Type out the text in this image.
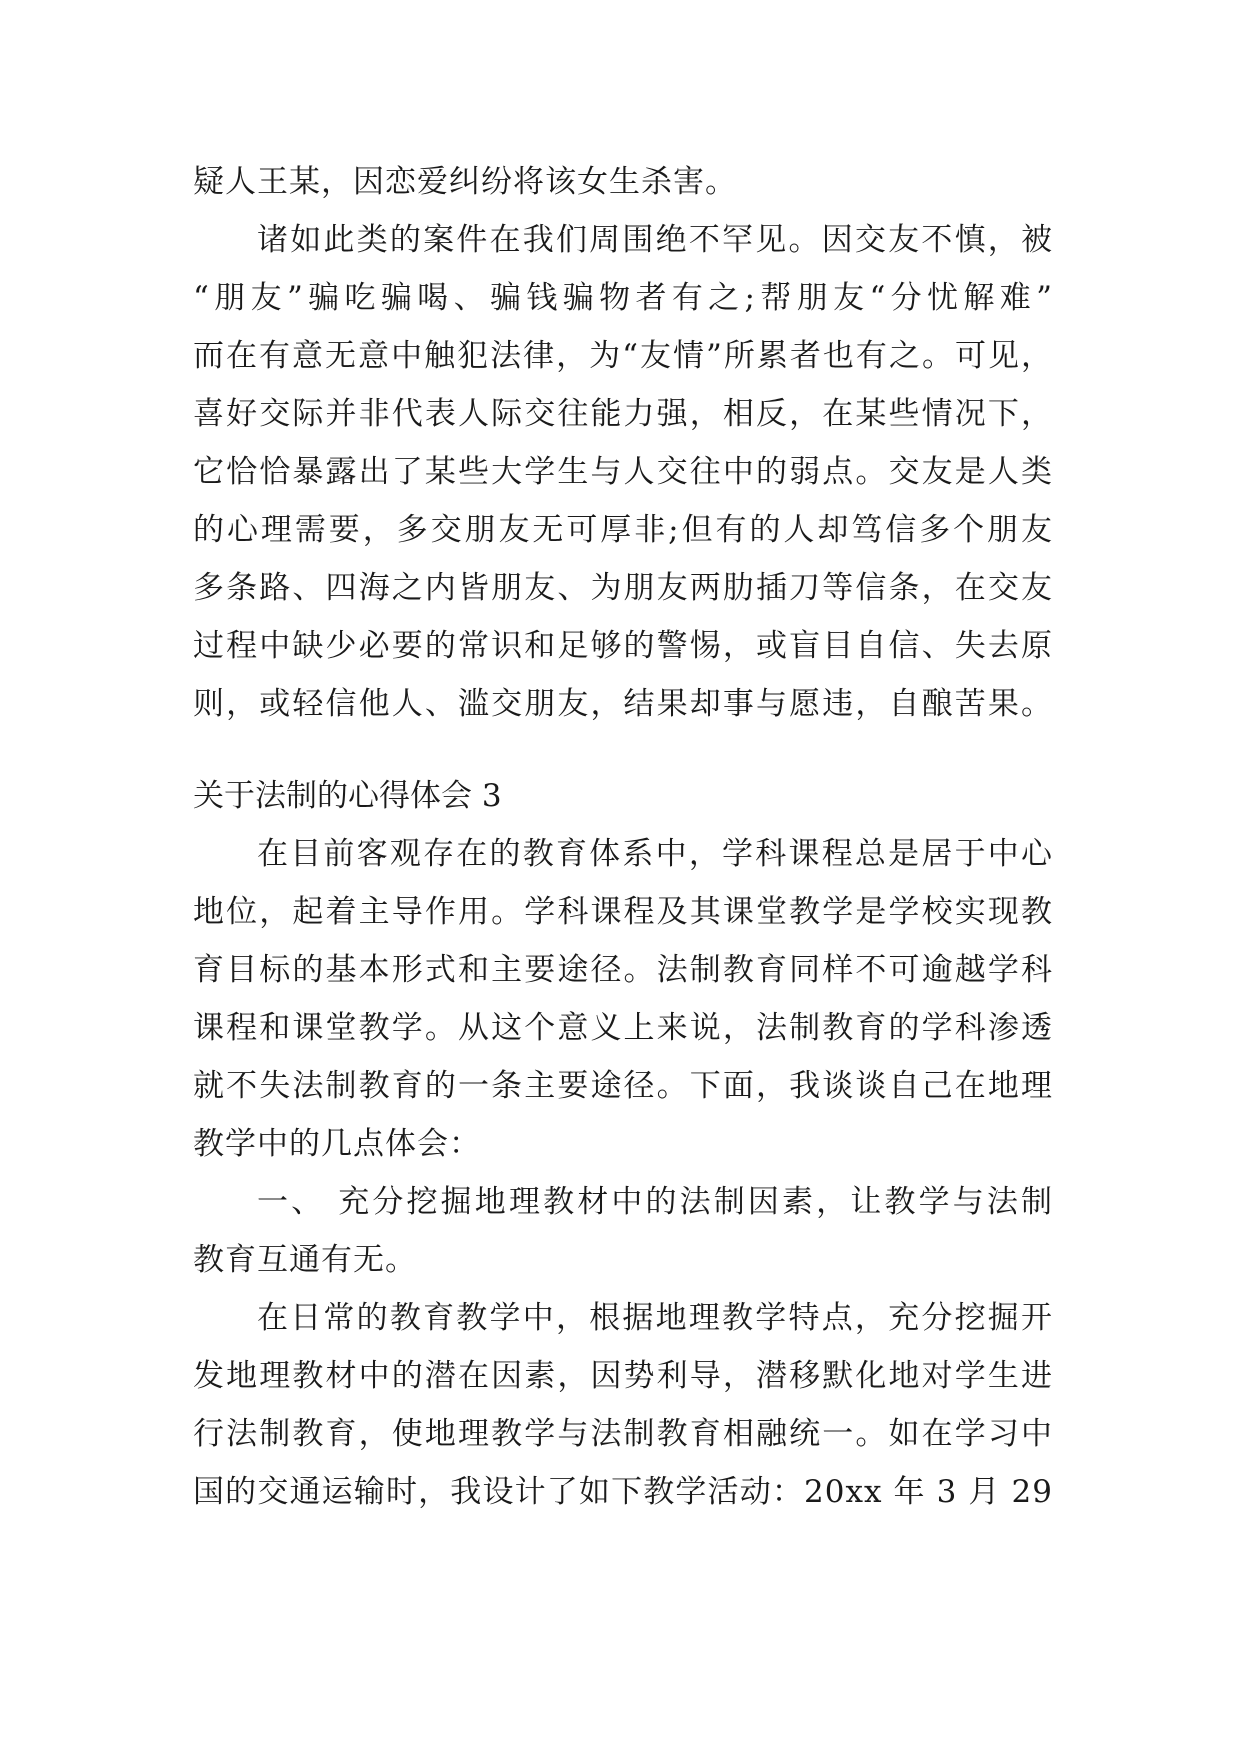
疑人王某，因恋爱纠纷将该女生杀害。
诸如此类的案件在我们周围绝不罕见。因交友不慎，被
“朋友”骗吃骗喝、骗钱骗物者有之;帮朋友“分忧解难”
而在有意无意中触犯法律，为“友情”所累者也有之。可见，
喜好交际并非代表人际交往能力强，相反，在某些情况下，
它恰恰暴露出了某些大学生与人交往中的弱点。交友是人类
的心理需要，多交朋友无可厚非;但有的人却笃信多个朋友
多条路、四海之内皆朋友、为朋友两肋插刀等信条，在交友
过程中缺少必要的常识和足够的警惕，或盲目自信、失去原
则，或轻信他人、滥交朋友，结果却事与愿违，自酿苦果。
关于法制的心得体会 3
在目前客观存在的教育体系中，学科课程总是居于中心
地位，起着主导作用。学科课程及其课堂教学是学校实现教
育目标的基本形式和主要途径。法制教育同样不可逾越学科
课程和课堂教学。从这个意义上来说，法制教育的学科渗透
就不失法制教育的一条主要途径。下面，我谈谈自己在地理
教学中的几点体会：
一、 充分挖掘地理教材中的法制因素，让教学与法制
教育互通有无。
在日常的教育教学中，根据地理教学特点，充分挖掘开
发地理教材中的潜在因素，因势利导，潜移默化地对学生进
行法制教育，使地理教学与法制教育相融统一。如在学习中
国的交通运输时，我设计了如下教学活动：20xx 年 3 月 29
